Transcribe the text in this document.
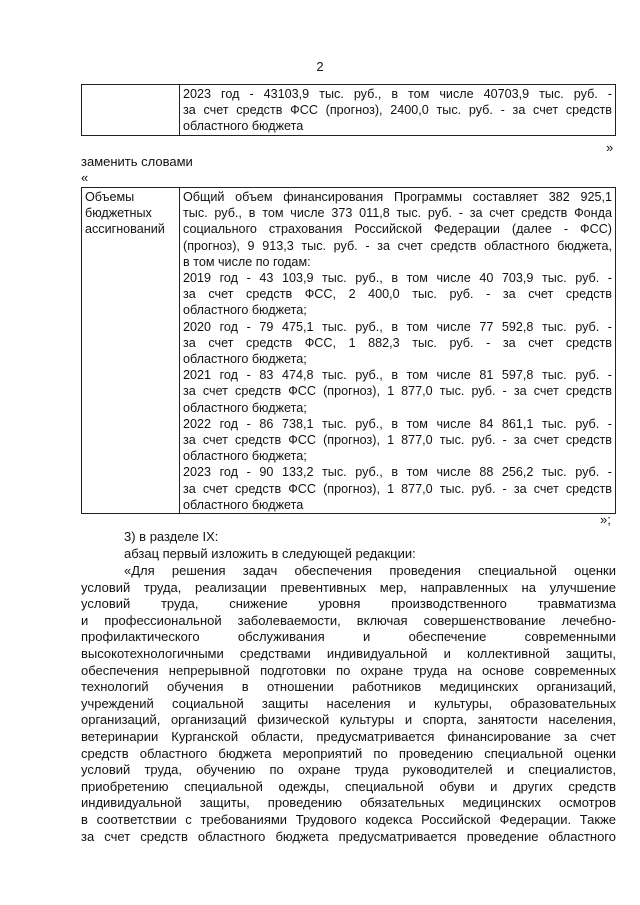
2

2023 год - 43103,9 тыс. руб., в том числе 40703,9 тыс. руб. -
за счет средств ФСС (прогноз), 2400,0 тыс. руб. - за счет средств
областного бюджета
»
заменить словами
«
Объемы
бюджетных
ассигнований

Общий объем финансирования Программы составляет 382 925,1
тыс. руб., в том числе 373 011,8 тыс. руб. - за счет средств Фонда
социального страхования Российской Федерации (далее - ФСС)
(прогноз), 9 913,3 тыс. руб. - за счет средств областного бюджета,
в том числе по годам:
2019 год - 43 103,9 тыс. руб., в том числе 40 703,9 тыс. руб. -
за счет средств ФСС, 2 400,0 тыс. руб. - за счет средств
областного бюджета;
2020 год - 79 475,1 тыс. руб., в том числе 77 592,8 тыс. руб. -
за счет средств ФСС, 1 882,3 тыс. руб. - за счет средств
областного бюджета;
2021 год - 83 474,8 тыс. руб., в том числе 81 597,8 тыс. руб. -
за счет средств ФСС (прогноз), 1 877,0 тыс. руб. - за счет средств
областного бюджета;
2022 год - 86 738,1 тыс. руб., в том числе 84 861,1 тыс. руб. -
за счет средств ФСС (прогноз), 1 877,0 тыс. руб. - за счет средств
областного бюджета;
2023 год - 90 133,2 тыс. руб., в том числе 88 256,2 тыс. руб. -
за счет средств ФСС (прогноз), 1 877,0 тыс. руб. - за счет средств
областного бюджета
»;
3) в разделе IX:
абзац первый изложить в следующей редакции:
«Для решения задач обеспечения проведения специальной оценки
условий труда, реализации превентивных мер, направленных на улучшение
условий труда, снижение уровня производственного травматизма
и профессиональной заболеваемости, включая совершенствование лечебно-
профилактического обслуживания и обеспечение современными
высокотехнологичными средствами индивидуальной и коллективной защиты,
обеспечения непрерывной подготовки по охране труда на основе современных
технологий обучения в отношении работников медицинских организаций,
учреждений социальной защиты населения и культуры, образовательных
организаций, организаций физической культуры и спорта, занятости населения,
ветеринарии Курганской области, предусматривается финансирование за счет
средств областного бюджета мероприятий по проведению специальной оценки
условий труда, обучению по охране труда руководителей и специалистов,
приобретению специальной одежды, специальной обуви и других средств
индивидуальной защиты, проведению обязательных медицинских осмотров
в соответствии с требованиями Трудового кодекса Российской Федерации. Также
за счет средств областного бюджета предусматривается проведение областного
